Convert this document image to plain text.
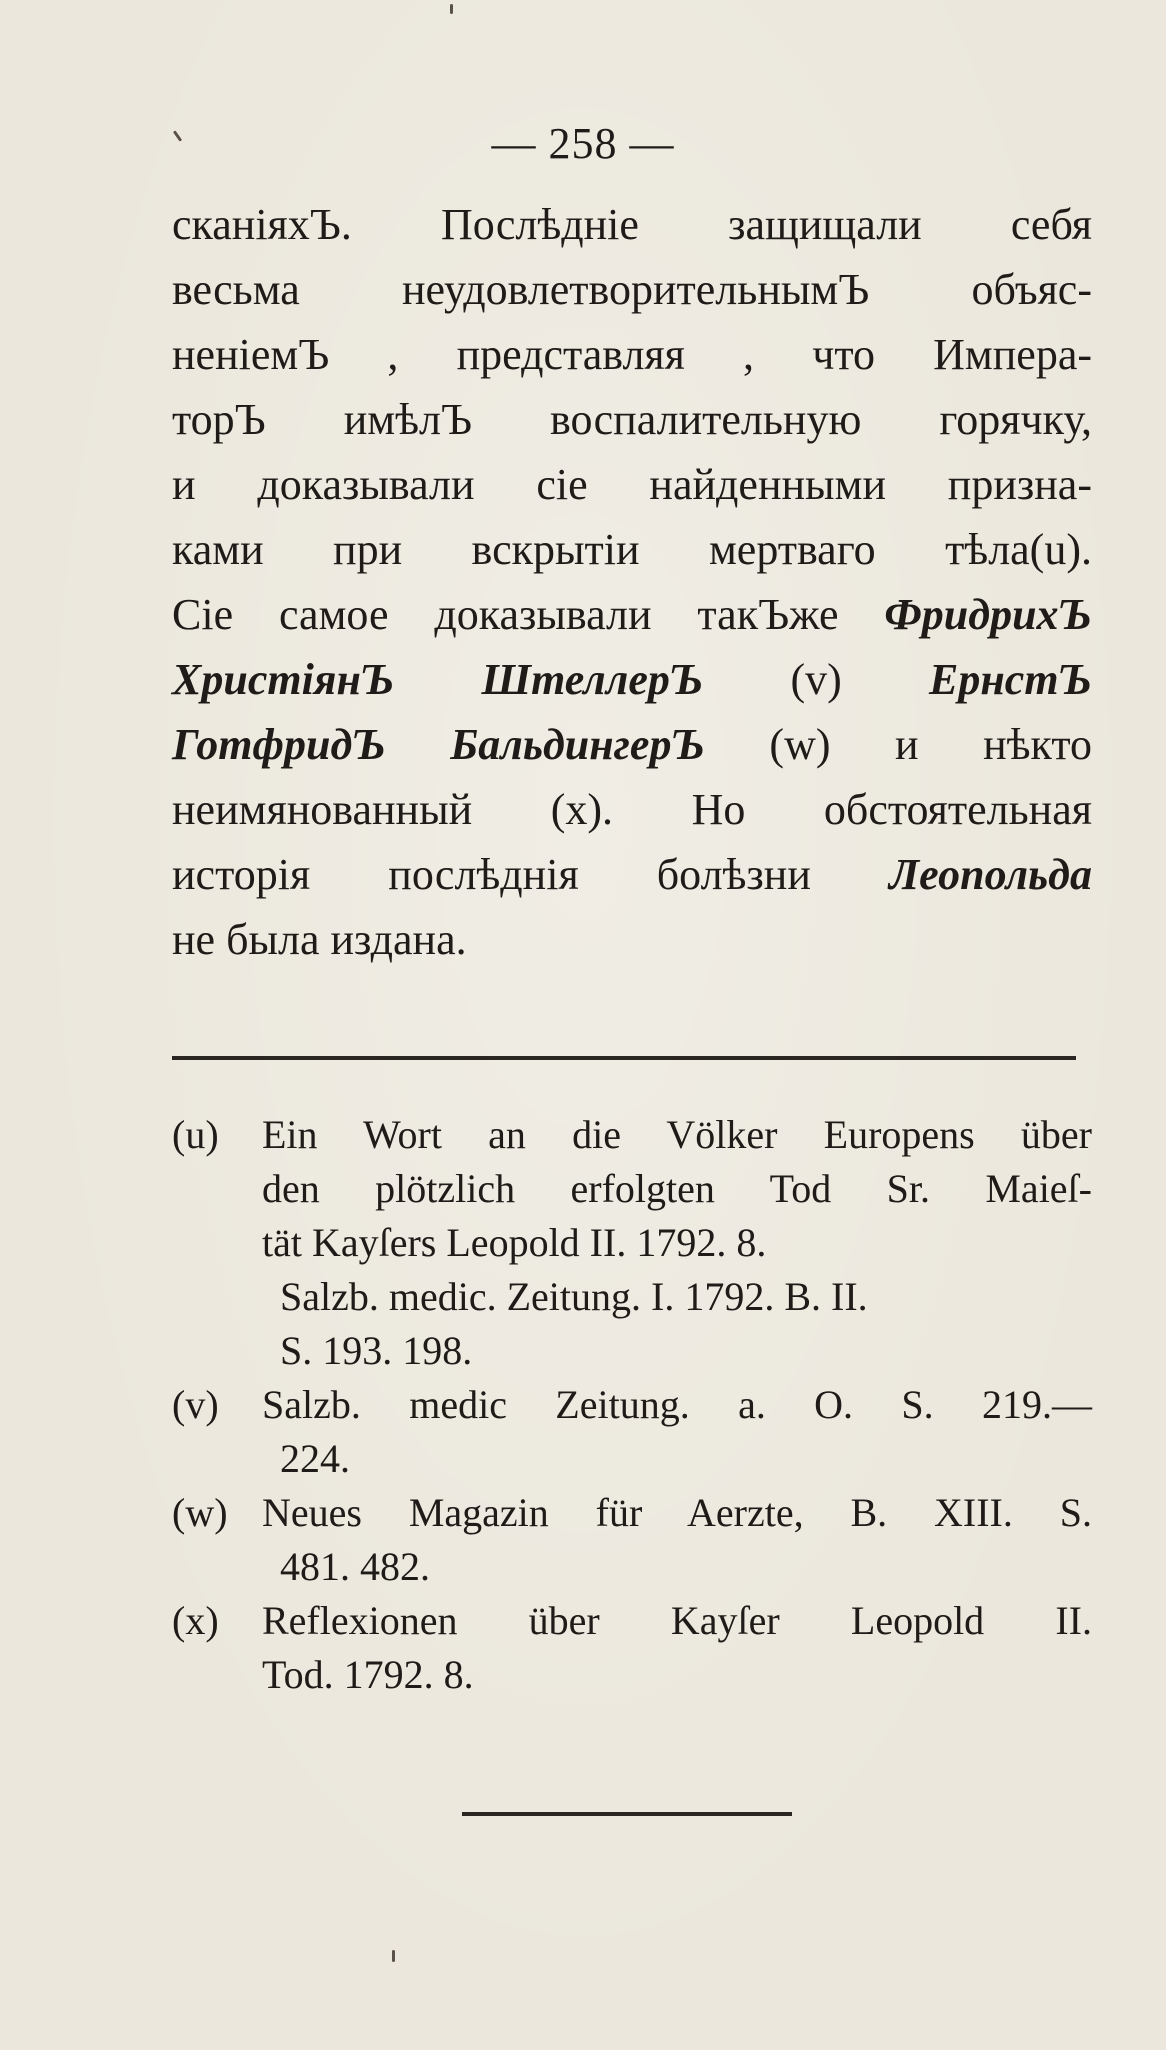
— 258 —
сканіяхЪ. Послѣдніе защищали себя
весьма неудовлетворительнымЪ объяс-
неніемЪ , представляя , что Импера-
торЪ имѣлЪ воспалительную горячку,
и доказывали сіе найденными призна-
ками при вскрытіи мертваго тѣла(u).
Сіе самое доказывали такЪже ФридрихЪ
ХристіянЪ ШтеллерЪ (v) ЕрнстЪ
ГотфридЪ БальдингерЪ (w) и нѣкто
неимянованный (x). Но обстоятельная
исторія послѣднія болѣзни Леопольда
не была издана.
(u) Ein Wort an die Völker Europens über
den plötzlich erfolgten Tod Sr. Maieſ-
tät Kayſers Leopold II. 1792. 8.
Salzb. medic. Zeitung. I. 1792. B. II.
S. 193. 198.
(v) Salzb. medic Zeitung. a. O. S. 219.—
224.
(w) Neues Magazin für Aerzte, B. XIII. S.
481. 482.
(x) Reflexionen über Kayſer Leopold II.
Tod. 1792. 8.
